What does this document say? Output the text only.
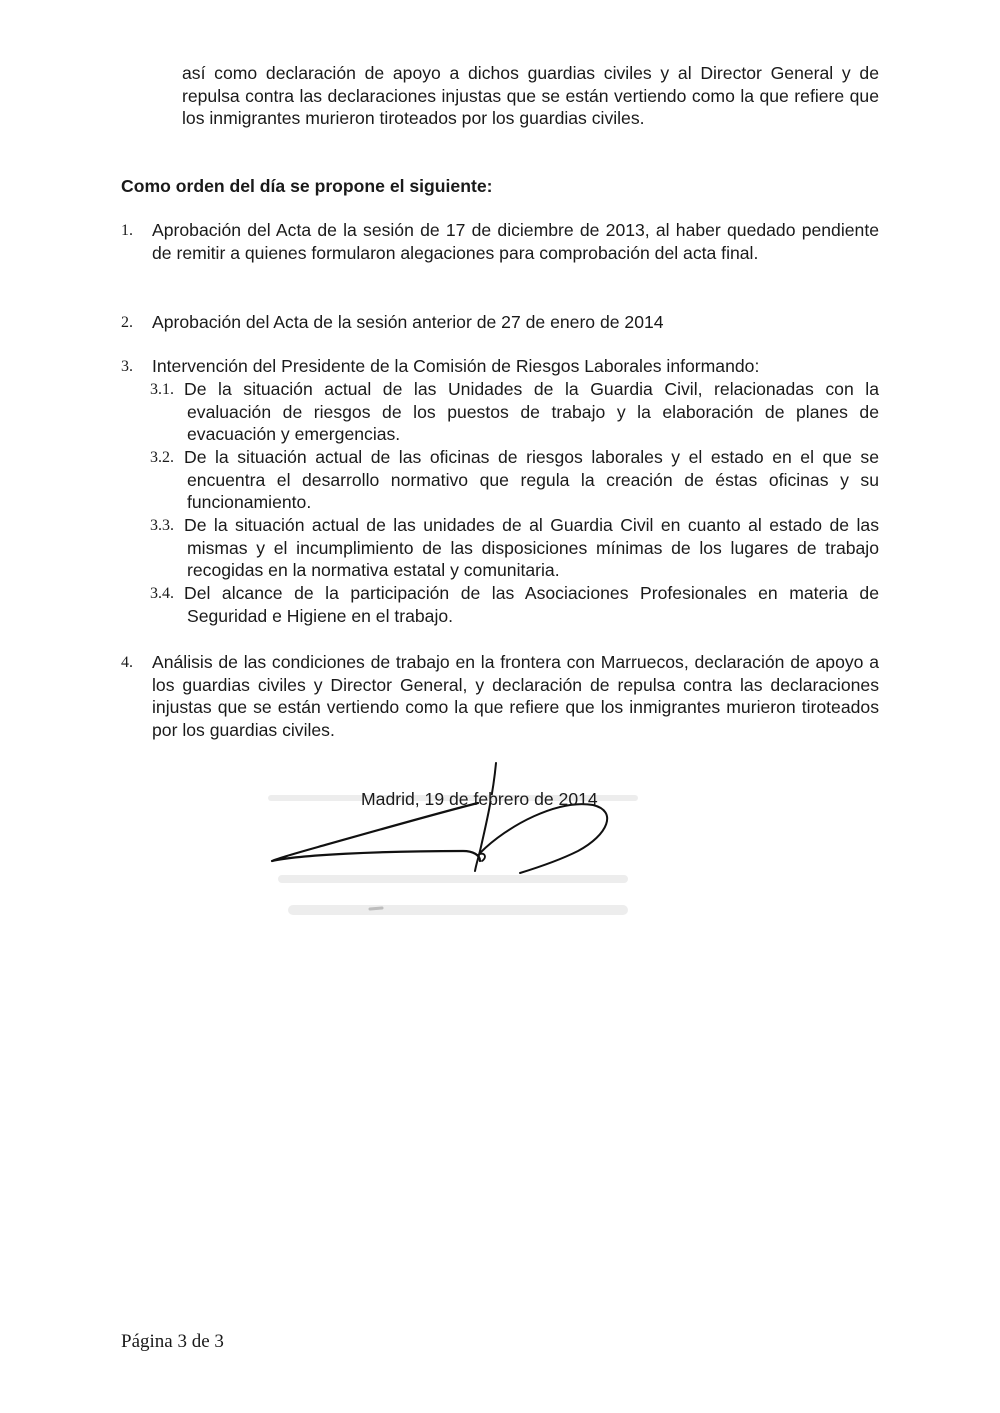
así como declaración de apoyo a dichos guardias civiles y al Director General y de repulsa contra las declaraciones injustas que se están vertiendo como la que refiere que los inmigrantes murieron tiroteados por los guardias civiles.

Como orden del día se propone el siguiente:

1. Aprobación del Acta de la sesión de 17 de diciembre de 2013, al haber quedado pendiente de remitir a quienes formularon alegaciones para comprobación del acta final.

2. Aprobación del Acta de la sesión anterior de 27 de enero de 2014

3. Intervención del Presidente de la Comisión de Riesgos Laborales informando:

3.1. De la situación actual de las Unidades de la Guardia Civil, relacionadas con la evaluación de riesgos de los puestos de trabajo y la elaboración de planes de evacuación y emergencias.

3.2. De la situación actual de las oficinas de riesgos laborales y el estado en el que se encuentra el desarrollo normativo que regula la creación de éstas oficinas y su funcionamiento.

3.3. De la situación actual de las unidades de al Guardia Civil en cuanto al estado de las mismas y el incumplimiento de las disposiciones mínimas de los lugares de trabajo recogidas en la normativa estatal y comunitaria.

3.4. Del alcance de la participación de las Asociaciones Profesionales en materia de Seguridad e Higiene en el trabajo.

4. Análisis de las condiciones de trabajo en la frontera con Marruecos, declaración de apoyo a los guardias civiles y Director General, y declaración de repulsa contra las declaraciones injustas que se están vertiendo como la que refiere que los inmigrantes murieron tiroteados por los guardias civiles.

Madrid, 19 de febrero de 2014

Página 3 de 3
